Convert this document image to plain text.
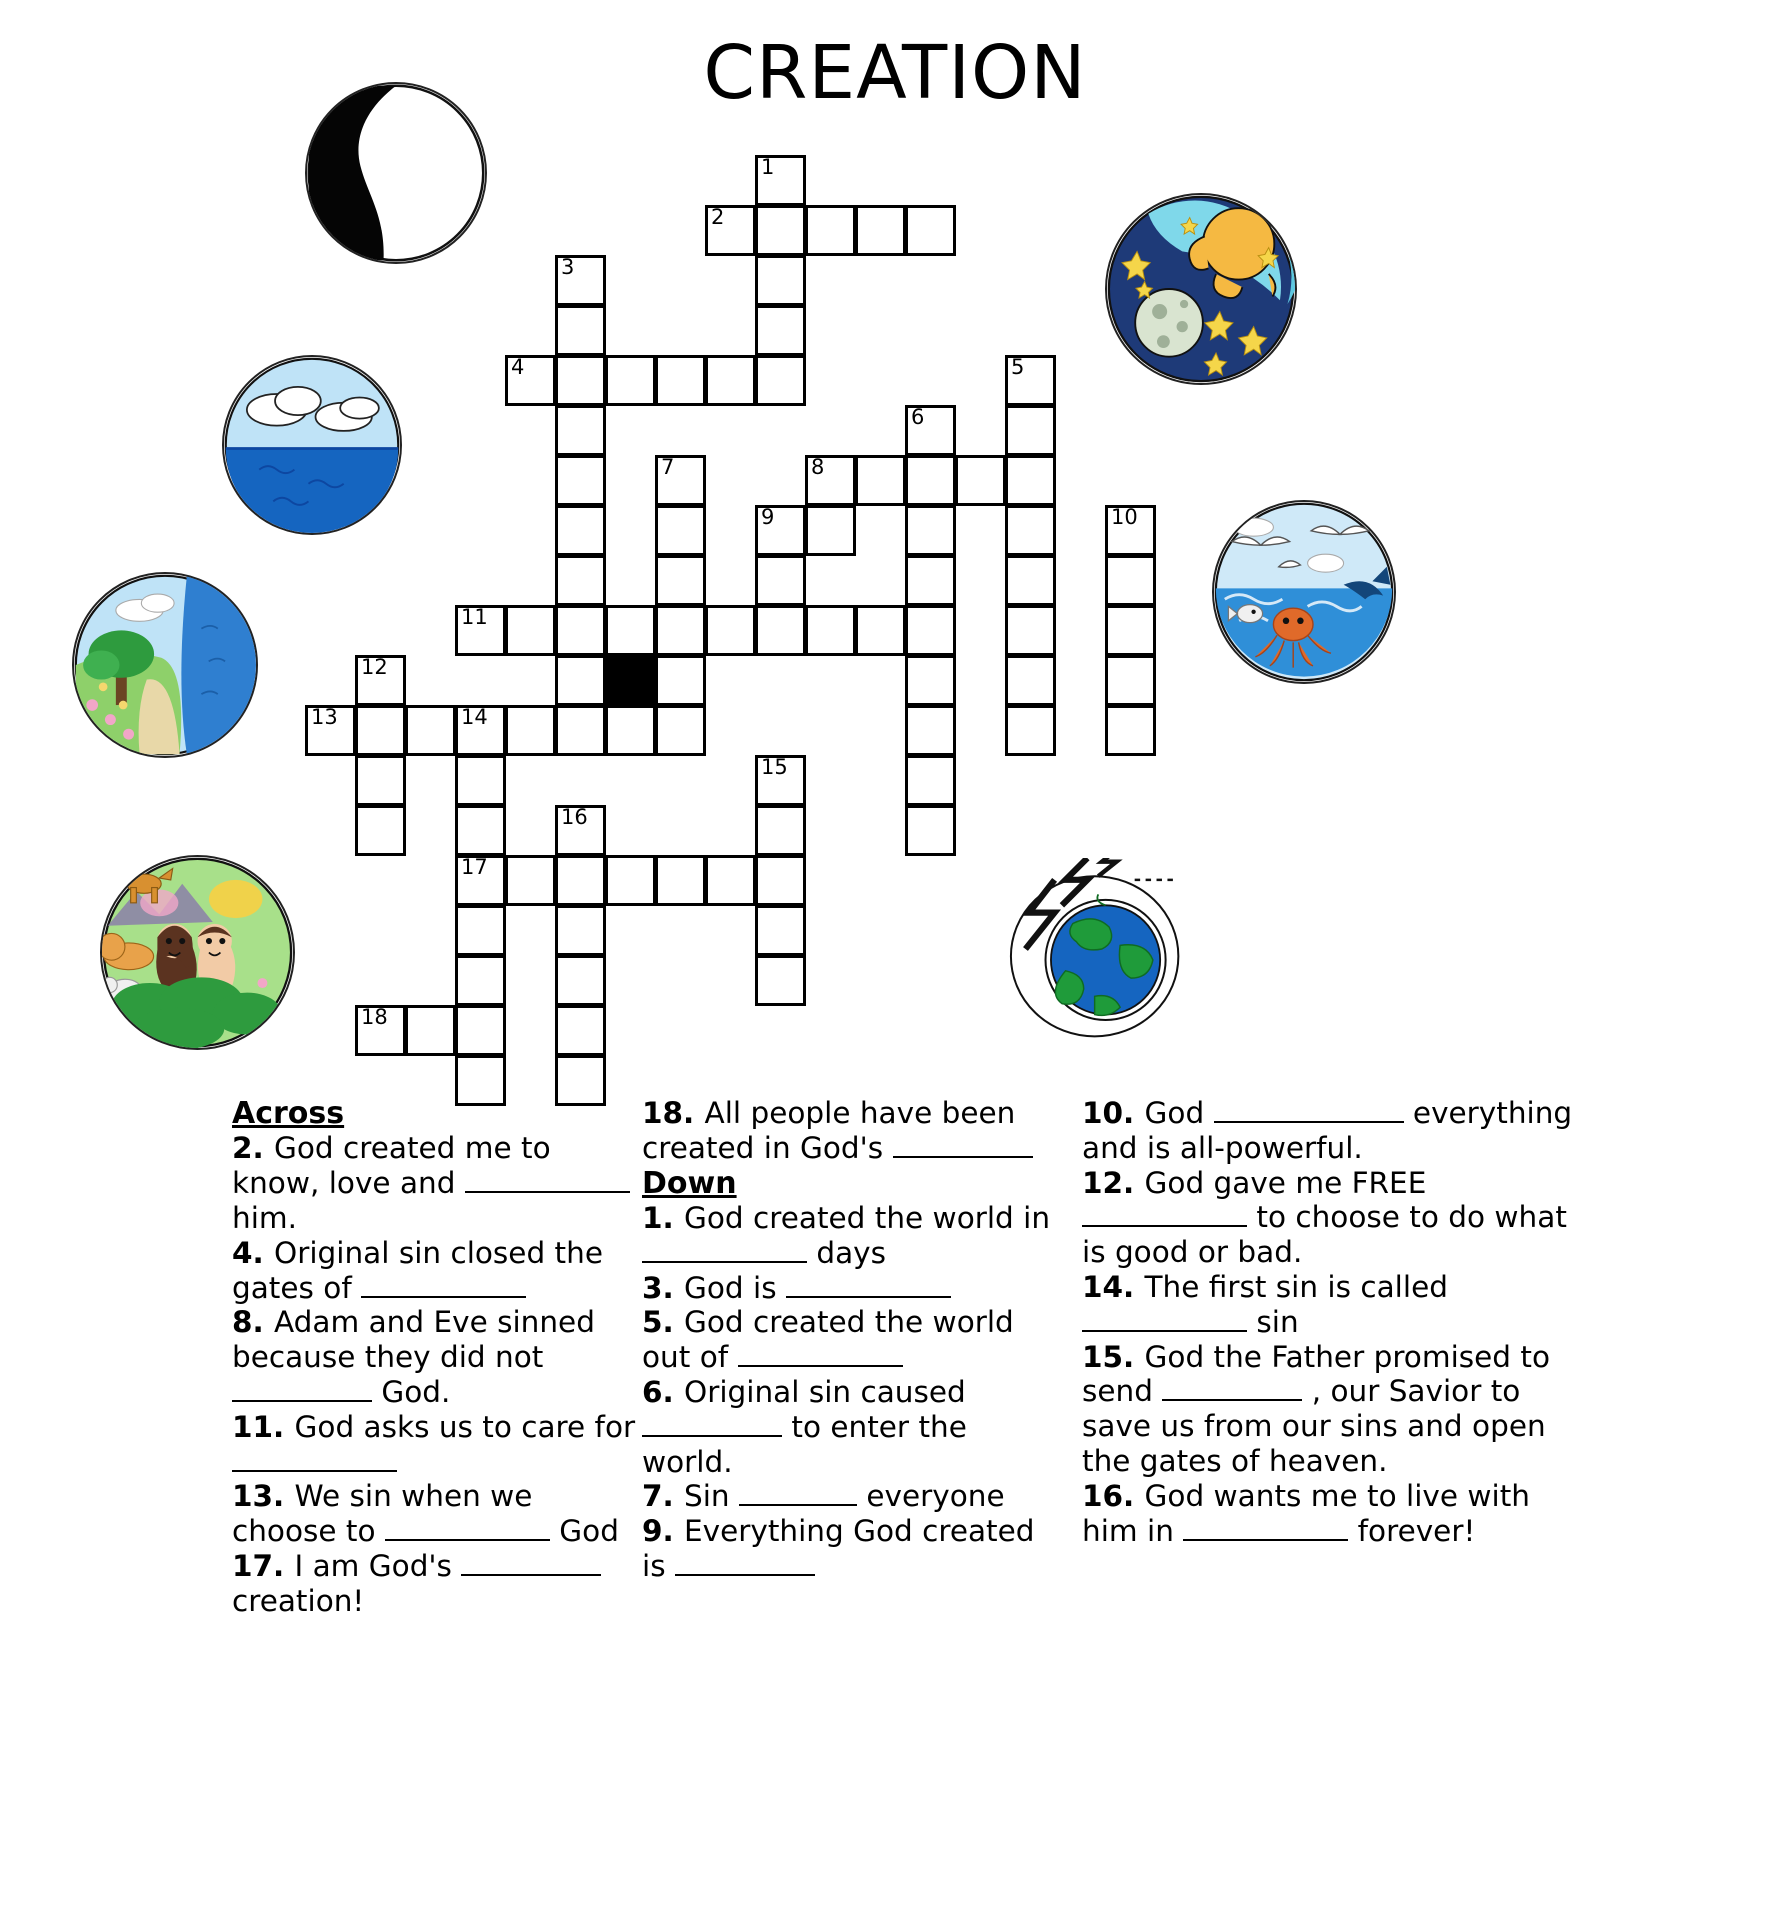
CREATION
1
2
3
4	5
6
7	8
9	10
11
12
13	14
15
16
17
18
Across

2. God created me to know, love and  him.

4. Original sin closed the gates of

8. Adam and Eve sinned because they did not  God.

11. God asks us to care for

13. We sin when we choose to	God

17. I am God's  creation!

18. All people have been created in God's

Down

1. God created the world in  days

3. God is

5. God created the world out of

6. Original sin caused  to enter the world.

7. Sin	everyone

9. Everything God created is

10. God	everything and is all-powerful.

12. God gave me FREE  to choose to do what is good or bad.

14. The first sin is called  sin

15. God the Father promised to send	, our Savior to save us from our sins and open the gates of heaven.

16. God wants me to live with him in	forever!
